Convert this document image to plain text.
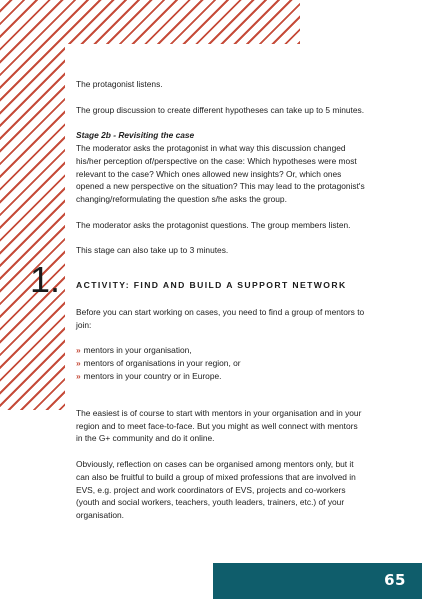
The protagonist listens.

The group discussion to create different hypotheses can take up to 5 minutes.

Stage 2b - Revisiting the case

The moderator asks the protagonist in what way this discussion changed his/her perception of/perspective on the case: Which hypotheses were most relevant to the case? Which ones allowed new insights? Or, which ones opened a new perspective on the situation? This may lead to the protagonist's changing/reformulating the question s/he asks the group.

The moderator asks the protagonist questions. The group members listen.

This stage can also take up to 3 minutes.

1. ACTIVITY: FIND AND BUILD A SUPPORT NETWORK

Before you can start working on cases, you need to find a group of mentors to join:

» mentors in your organisation,
» mentors of organisations in your region, or
» mentors in your country or in Europe.

The easiest is of course to start with mentors in your organisation and in your region and to meet face-to-face. But you might as well connect with mentors in the G+ community and do it online.

Obviously, reflection on cases can be organised among mentors only, but it can also be fruitful to build a group of mixed professions that are involved in EVS, e.g. project and work coordinators of EVS, projects and co-workers (youth and social workers, teachers, youth leaders, trainers, etc.) of your organisation.

65
